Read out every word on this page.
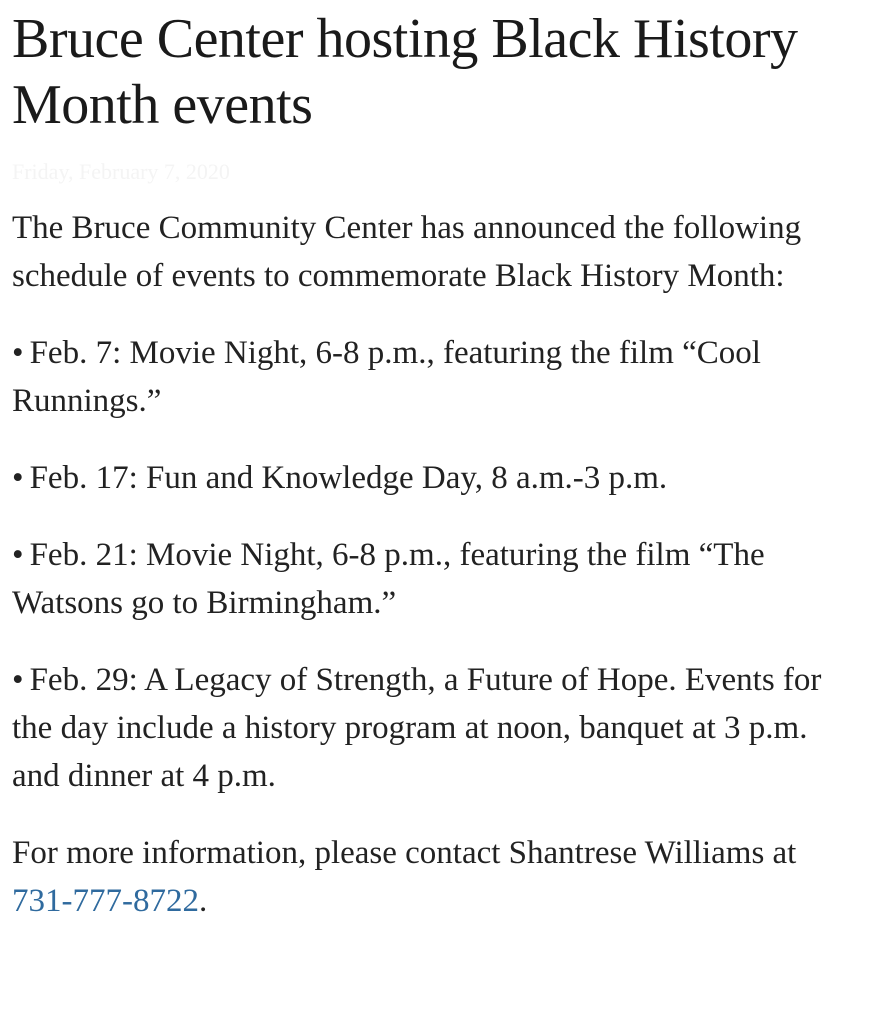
Bruce Center hosting Black History Month events
Friday, February 7, 2020

The Bruce Community Center has announced the following schedule of events to commemorate Black History Month:

• Feb. 7: Movie Night, 6-8 p.m., featuring the film “Cool Runnings.”

• Feb. 17: Fun and Knowledge Day, 8 a.m.-3 p.m.

• Feb. 21: Movie Night, 6-8 p.m., featuring the film “The Watsons go to Birmingham.”

• Feb. 29: A Legacy of Strength, a Future of Hope. Events for the day include a history program at noon, banquet at 3 p.m. and dinner at 4 p.m.

For more information, please contact Shantrese Williams at 731-777-8722.
